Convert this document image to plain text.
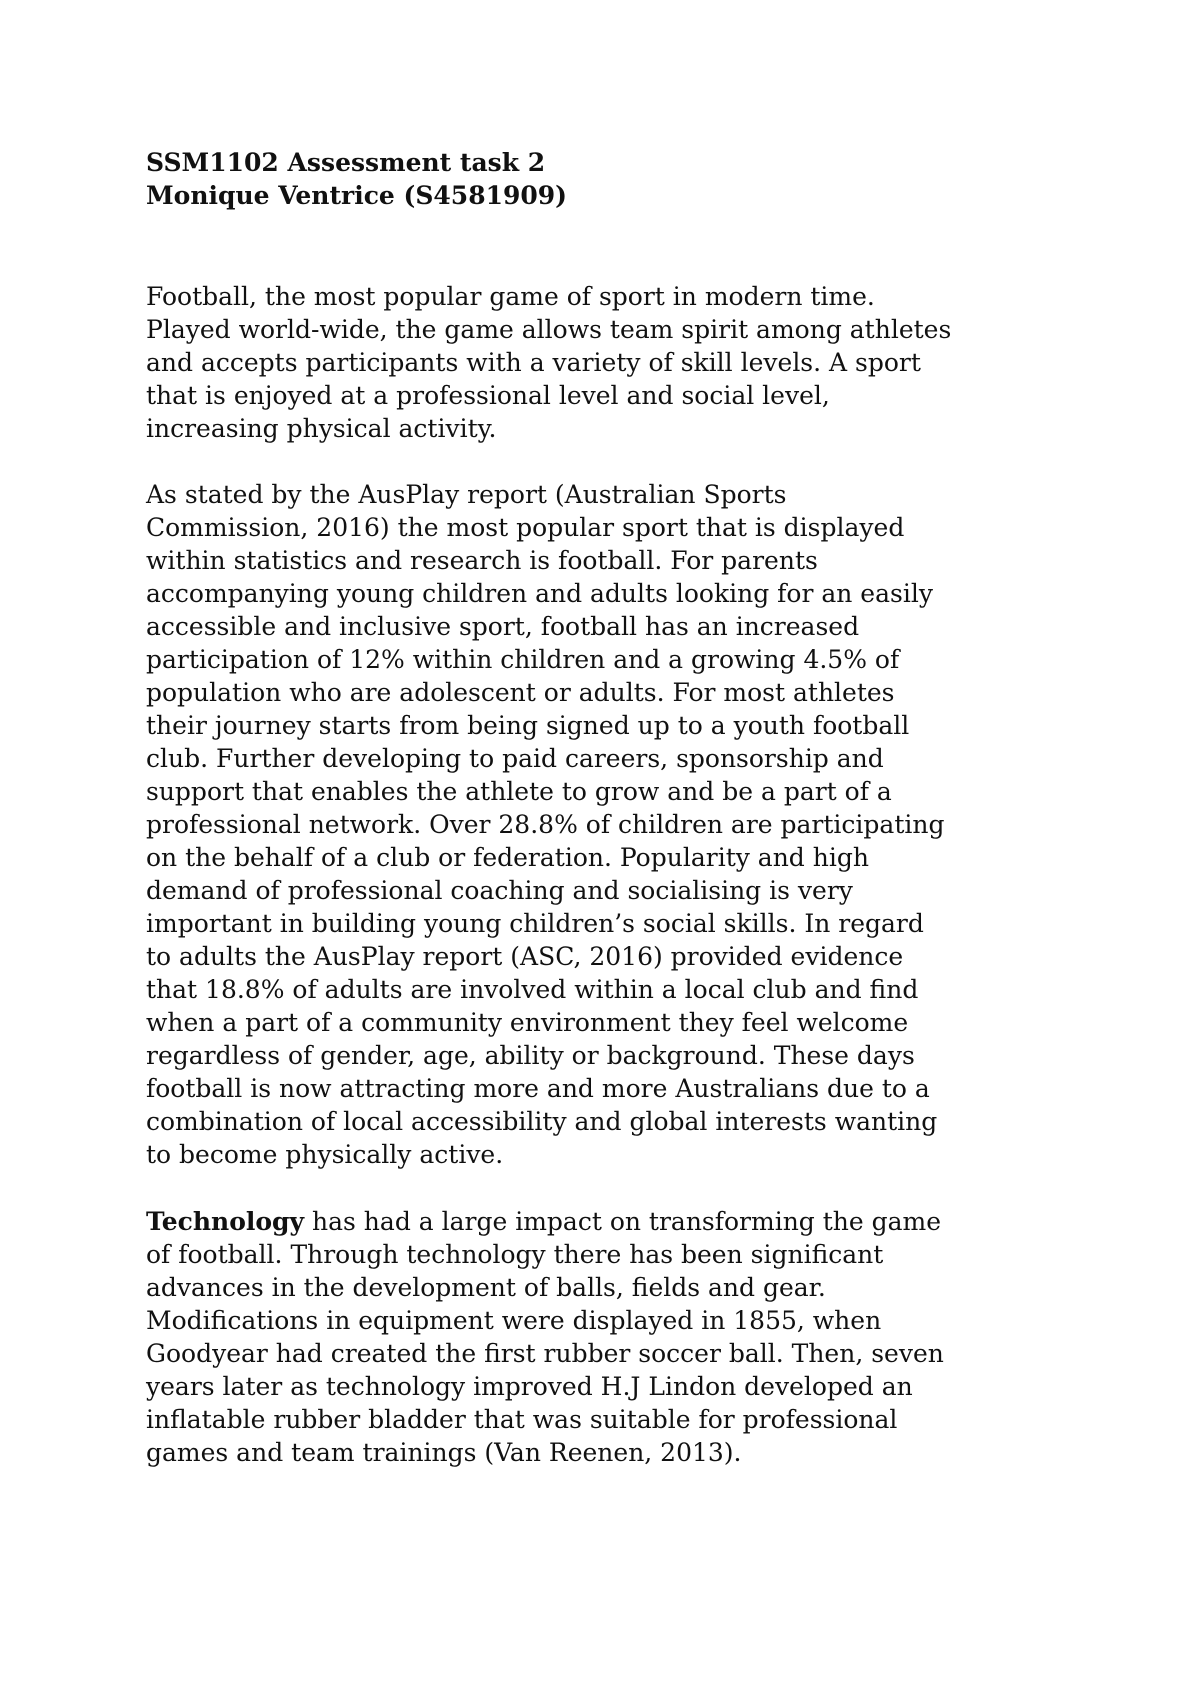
SSM1102 Assessment task 2
Monique Ventrice (S4581909)
Football, the most popular game of sport in modern time.
Played world-wide, the game allows team spirit among athletes
and accepts participants with a variety of skill levels. A sport
that is enjoyed at a professional level and social level,
increasing physical activity.
As stated by the AusPlay report (Australian Sports
Commission, 2016) the most popular sport that is displayed
within statistics and research is football. For parents
accompanying young children and adults looking for an easily
accessible and inclusive sport, football has an increased
participation of 12% within children and a growing 4.5% of
population who are adolescent or adults. For most athletes
their journey starts from being signed up to a youth football
club. Further developing to paid careers, sponsorship and
support that enables the athlete to grow and be a part of a
professional network. Over 28.8% of children are participating
on the behalf of a club or federation. Popularity and high
demand of professional coaching and socialising is very
important in building young children’s social skills. In regard
to adults the AusPlay report (ASC, 2016) provided evidence
that 18.8% of adults are involved within a local club and find
when a part of a community environment they feel welcome
regardless of gender, age, ability or background. These days
football is now attracting more and more Australians due to a
combination of local accessibility and global interests wanting
to become physically active.
Technology has had a large impact on transforming the game
of football. Through technology there has been significant
advances in the development of balls, fields and gear.
Modifications in equipment were displayed in 1855, when
Goodyear had created the first rubber soccer ball. Then, seven
years later as technology improved H.J Lindon developed an
inflatable rubber bladder that was suitable for professional
games and team trainings (Van Reenen, 2013).
